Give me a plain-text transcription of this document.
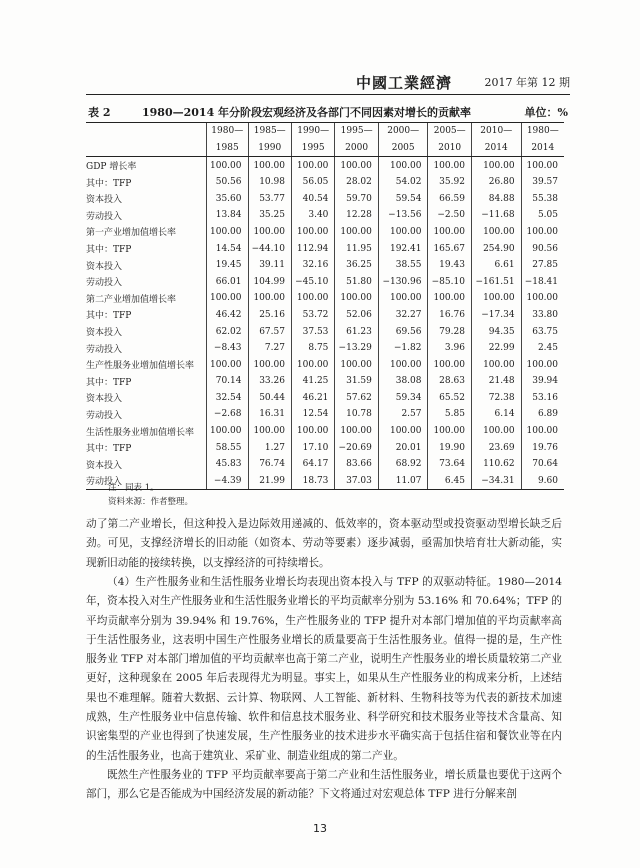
中國工業經濟	2017 年第 12 期
表 2	1980—2014 年分阶段宏观经济及各部门不同因素对增长的贡献率	单位：%
	1980—	1985—	1990—	1995—	2000—	2005—	2010—	1980—
	1985	1990	1995	2000	2005	2010	2014	2014
GDP 增长率	100.00	100.00	100.00	100.00	100.00	100.00	100.00	100.00
其中：TFP	50.56	10.98	56.05	28.02	54.02	35.92	26.80	39.57
资本投入	35.60	53.77	40.54	59.70	59.54	66.59	84.88	55.38
劳动投入	13.84	35.25	3.40	12.28	−13.56	−2.50	−11.68	5.05
第一产业增加值增长率	100.00	100.00	100.00	100.00	100.00	100.00	100.00	100.00
其中：TFP	14.54	−44.10	112.94	11.95	192.41	165.67	254.90	90.56
资本投入	19.45	39.11	32.16	36.25	38.55	19.43	6.61	27.85
劳动投入	66.01	104.99	−45.10	51.80	−130.96	−85.10	−161.51	−18.41
第二产业增加值增长率	100.00	100.00	100.00	100.00	100.00	100.00	100.00	100.00
其中：TFP	46.42	25.16	53.72	52.06	32.27	16.76	−17.34	33.80
资本投入	62.02	67.57	37.53	61.23	69.56	79.28	94.35	63.75
劳动投入	−8.43	7.27	8.75	−13.29	−1.82	3.96	22.99	2.45
生产性服务业增加值增长率	100.00	100.00	100.00	100.00	100.00	100.00	100.00	100.00
其中：TFP	70.14	33.26	41.25	31.59	38.08	28.63	21.48	39.94
资本投入	32.54	50.44	46.21	57.62	59.34	65.52	72.38	53.16
劳动投入	−2.68	16.31	12.54	10.78	2.57	5.85	6.14	6.89
生活性服务业增加值增长率	100.00	100.00	100.00	100.00	100.00	100.00	100.00	100.00
其中：TFP	58.55	1.27	17.10	−20.69	20.01	19.90	23.69	19.76
资本投入	45.83	76.74	64.17	83.66	68.92	73.64	110.62	70.64
劳动投入	−4.39	21.99	18.73	37.03	11.07	6.45	−34.31	9.60
注：同表 1。
资料来源：作者整理。

动了第二产业增长，但这种投入是边际效用递减的、低效率的，资本驱动型或投资驱动型增长缺乏后劲。可见，支撑经济增长的旧动能（如资本、劳动等要素）逐步减弱，亟需加快培育壮大新动能，实现新旧动能的接续转换，以支撑经济的可持续增长。

（4）生产性服务业和生活性服务业增长均表现出资本投入与 TFP 的双驱动特征。1980—2014 年，资本投入对生产性服务业和生活性服务业增长的平均贡献率分别为 53.16% 和 70.64%；TFP 的平均贡献率分别为 39.94% 和 19.76%，生产性服务业的 TFP 提升对本部门增加值的平均贡献率高于生活性服务业，这表明中国生产性服务业增长的质量要高于生活性服务业。值得一提的是，生产性服务业 TFP 对本部门增加值的平均贡献率也高于第二产业，说明生产性服务业的增长质量较第二产业更好，这种现象在 2005 年后表现得尤为明显。事实上，如果从生产性服务业的构成来分析，上述结果也不难理解。随着大数据、云计算、物联网、人工智能、新材料、生物科技等为代表的新技术加速成熟，生产性服务业中信息传输、软件和信息技术服务业、科学研究和技术服务业等技术含量高、知识密集型的产业也得到了快速发展，生产性服务业的技术进步水平确实高于包括住宿和餐饮业等在内的生活性服务业，也高于建筑业、采矿业、制造业组成的第二产业。

既然生产性服务业的 TFP 平均贡献率要高于第二产业和生活性服务业，增长质量也要优于这两个部门，那么它是否能成为中国经济发展的新动能？下文将通过对宏观总体 TFP 进行分解来剖

13
